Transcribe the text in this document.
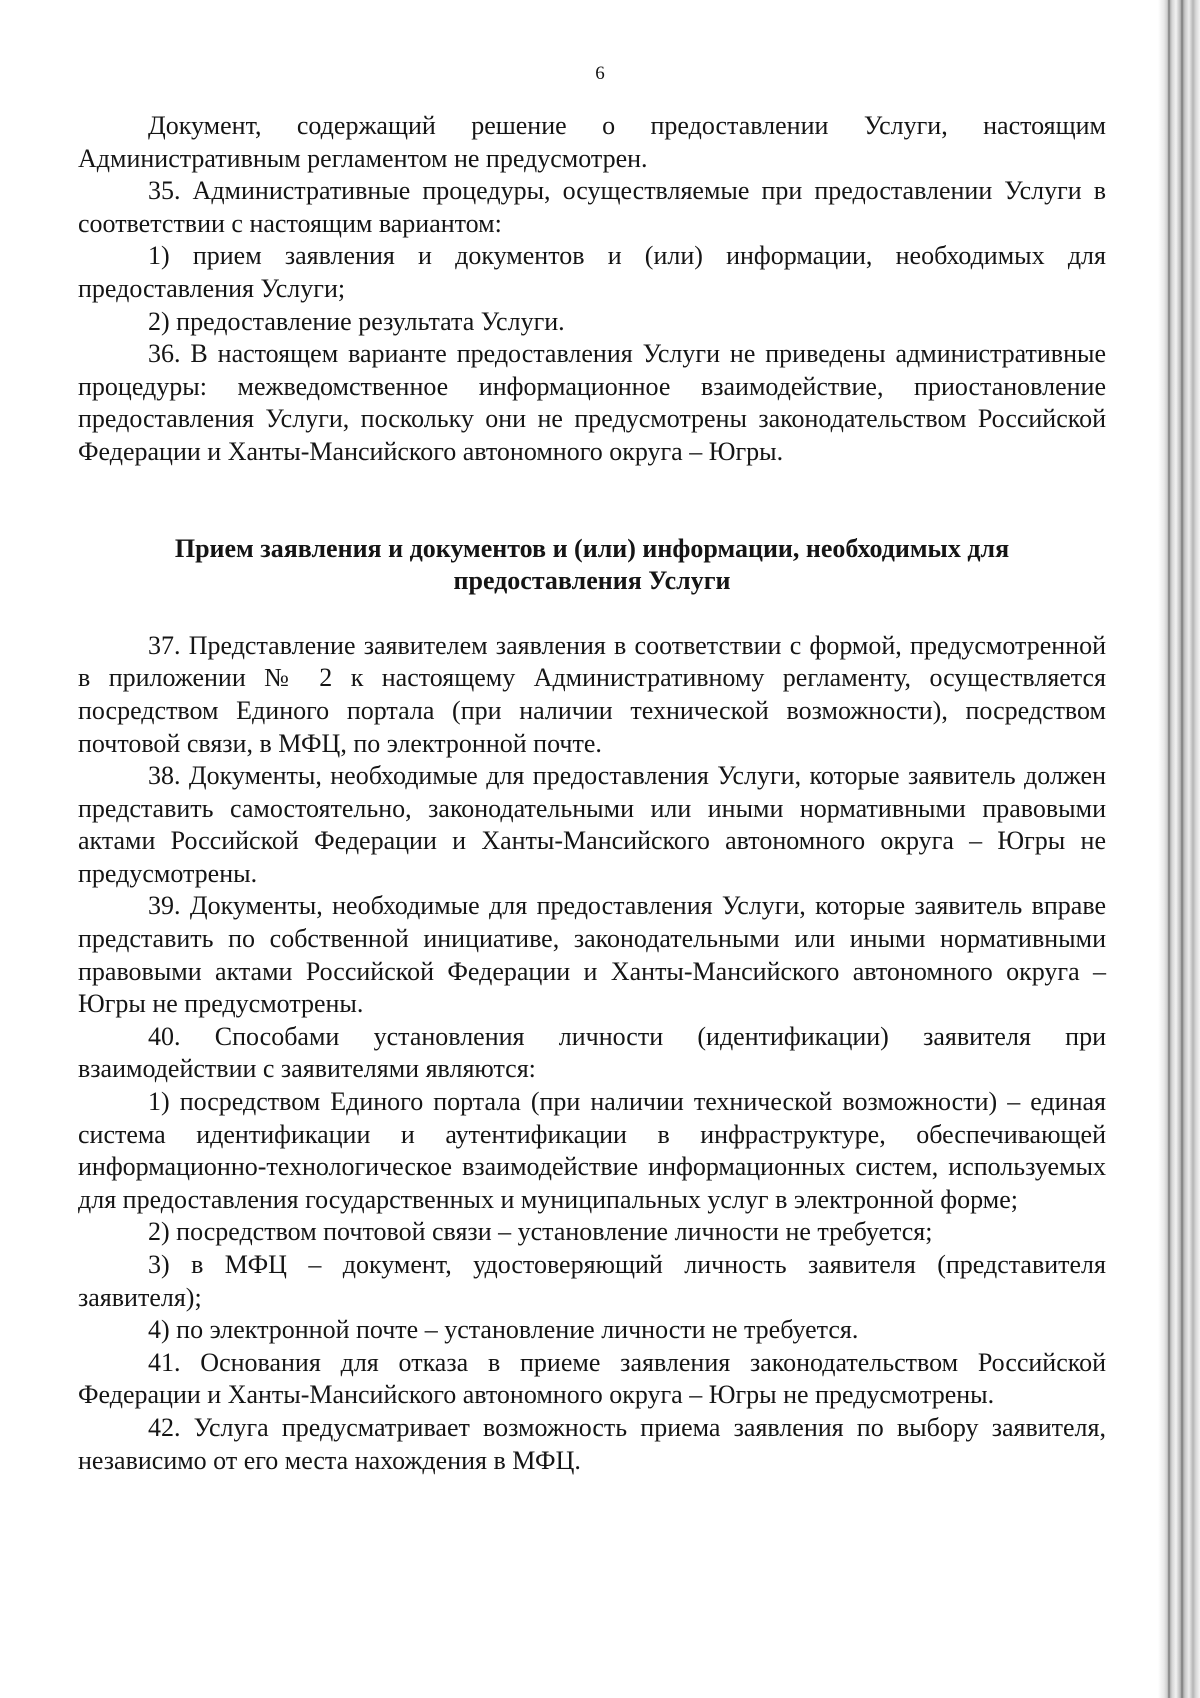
6

Документ, содержащий решение о предоставлении Услуги, настоящим Административным регламентом не предусмотрен.

35. Административные процедуры, осуществляемые при предоставлении Услуги в соответствии с настоящим вариантом:

1) прием заявления и документов и (или) информации, необходимых для предоставления Услуги;

2) предоставление результата Услуги.

36. В настоящем варианте предоставления Услуги не приведены административные процедуры: межведомственное информационное взаимодействие, приостановление предоставления Услуги, поскольку они не предусмотрены законодательством Российской Федерации и Ханты-Мансийского автономного округа – Югры.

Прием заявления и документов и (или) информации, необходимых для
предоставления Услуги

37. Представление заявителем заявления в соответствии с формой, предусмотренной в приложении № 2 к настоящему Административному регламенту, осуществляется посредством Единого портала (при наличии технической возможности), посредством почтовой связи, в МФЦ, по электронной почте.

38. Документы, необходимые для предоставления Услуги, которые заявитель должен представить самостоятельно, законодательными или иными нормативными правовыми актами Российской Федерации и Ханты-Мансийского автономного округа – Югры не предусмотрены.

39. Документы, необходимые для предоставления Услуги, которые заявитель вправе представить по собственной инициативе, законодательными или иными нормативными правовыми актами Российской Федерации и Ханты-Мансийского автономного округа – Югры не предусмотрены.

40. Способами установления личности (идентификации) заявителя при взаимодействии с заявителями являются:

1) посредством Единого портала (при наличии технической возможности) – единая система идентификации и аутентификации в инфраструктуре, обеспечивающей информационно-технологическое взаимодействие информационных систем, используемых для предоставления государственных и муниципальных услуг в электронной форме;

2) посредством почтовой связи – установление личности не требуется;

3) в МФЦ – документ, удостоверяющий личность заявителя (представителя заявителя);

4) по электронной почте – установление личности не требуется.

41. Основания для отказа в приеме заявления законодательством Российской Федерации и Ханты-Мансийского автономного округа – Югры не предусмотрены.

42. Услуга предусматривает возможность приема заявления по выбору заявителя, независимо от его места нахождения в МФЦ.
